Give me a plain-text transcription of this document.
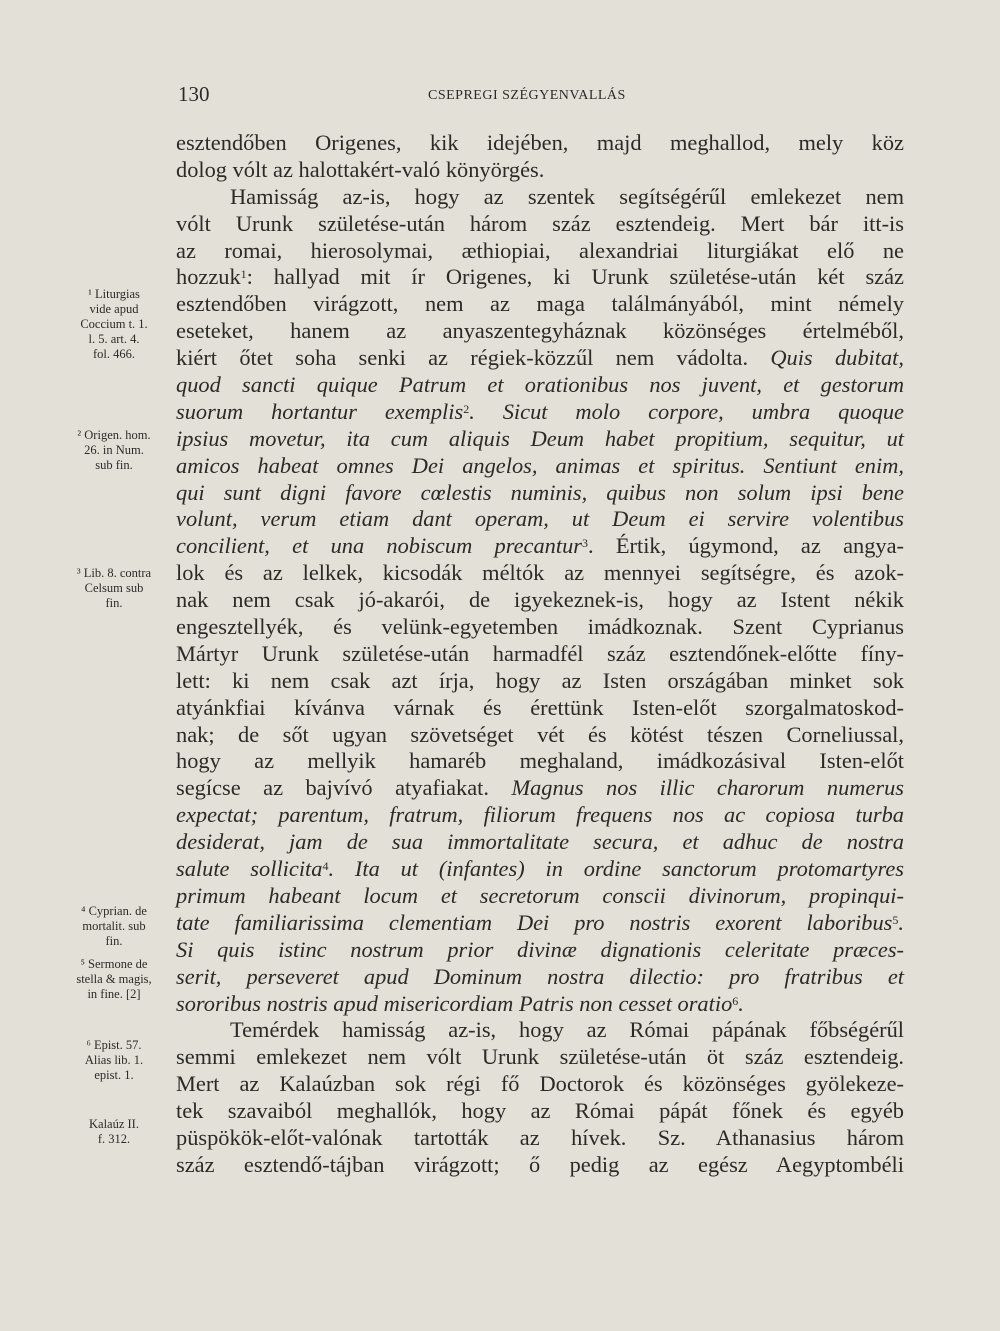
130	CSEPREGI SZÉGYENVALLÁS
esztendőben Origenes, kik idejében, majd meghallod, mely köz
dolog vólt az halottakért-való könyörgés.
Hamisság az-is, hogy az szentek segítségérűl emlekezet nem
vólt Urunk születése-után három száz esztendeig. Mert bár itt-is
az romai, hierosolymai, æthiopiai, alexandriai liturgiákat elő ne
hozzuk$^1$: hallyad mit ír Origenes, ki Urunk születése-után két száz
esztendőben virágzott, nem az maga találmányából, mint némely
eseteket, hanem az anyaszentegyháznak közönséges értelméből,
kiért őtet soha senki az régiek-közzűl nem vádolta. Quis dubitat,
quod sancti quique Patrum et orationibus nos juvent, et gestorum
suorum hortantur exemplis$^2$. Sicut molo corpore, umbra quoque
ipsius movetur, ita cum aliquis Deum habet propitium, sequitur, ut
amicos habeat omnes Dei angelos, animas et spiritus. Sentiunt enim,
qui sunt digni favore cœlestis numinis, quibus non solum ipsi bene
volunt, verum etiam dant operam, ut Deum ei servire volentibus
concilient, et una nobiscum precantur$^3$. Értik, úgymond, az angya-
lok és az lelkek, kicsodák méltók az mennyei segítségre, és azok-
nak nem csak jó-akarói, de igyekeznek-is, hogy az Istent nékik
engesztellyék, és velünk-egyetemben imádkoznak. Szent Cyprianus
Mártyr Urunk születése-után harmadfél száz esztendőnek-előtte fíny-
lett: ki nem csak azt írja, hogy az Isten országában minket sok
atyánkfiai kívánva várnak és érettünk Isten-előt szorgalmatoskod-
nak; de sőt ugyan szövetséget vét és kötést tészen Corneliussal,
hogy az mellyik hamaréb meghaland, imádkozásival Isten-előt
segícse az bajvívó atyafiakat. Magnus nos illic charorum numerus
expectat; parentum, fratrum, filiorum frequens nos ac copiosa turba
desiderat, jam de sua immortalitate secura, et adhuc de nostra
salute sollicita$^4$. Ita ut (infantes) in ordine sanctorum protomartyres
primum habeant locum et secretorum conscii divinorum, propinqui-
tate familiarissima clementiam Dei pro nostris exorent laboribus$^5$.
Si quis istinc nostrum prior divinæ dignationis celeritate præces-
serit, perseveret apud Dominum nostra dilectio: pro fratribus et
sororibus nostris apud misericordiam Patris non cesset oratio$^6$.
Temérdek hamisság az-is, hogy az Római pápának főbségérűl
semmi emlekezet nem vólt Urunk születése-után öt száz esztendeig.
Mert az Kalaúzban sok régi fő Doctorok és közönséges gyölekeze-
tek szavaiból meghallók, hogy az Római pápát főnek és egyéb
püspökök-előt-valónak tartották az hívek. Sz. Athanasius három
száz esztendő-tájban virágzott; ő pedig az egész Aegyptombéli
¹ Liturgias
vide apud
Coccium t. 1.
l. 5. art. 4.
fol. 466.
² Origen. hom.
26. in Num.
sub fin.
³ Lib. 8. contra
Celsum sub
fin.
⁴ Cyprian. de
mortalit. sub
fin.
⁵ Sermone de
stella & magis,
in fine. [2]
⁶ Epist. 57.
Alias lib. 1.
epist. 1.
Kalaúz II.
f. 312.
